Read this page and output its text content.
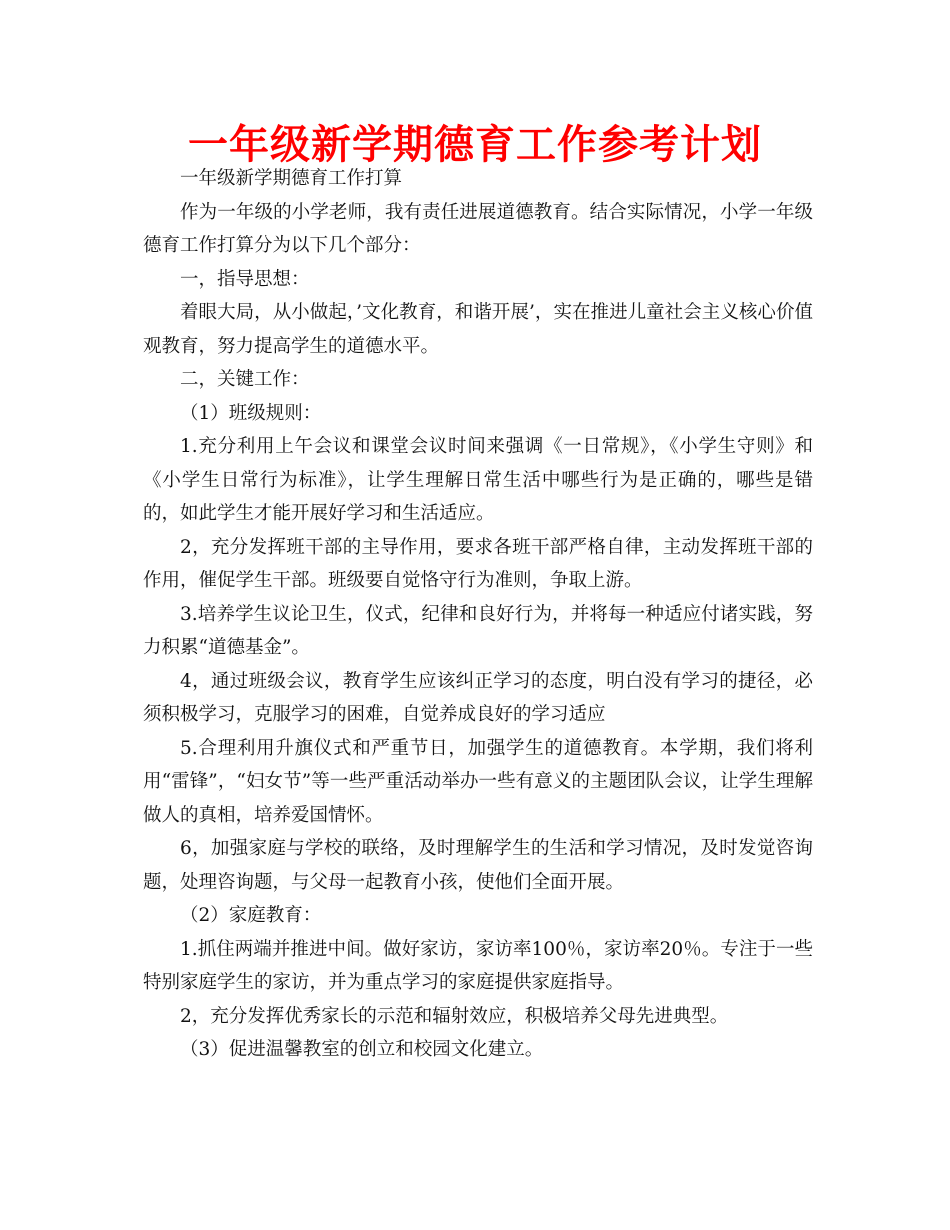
一年级新学期德育工作参考计划

一年级新学期德育工作打算

作为一年级的小学老师，我有责任进展道德教育。结合实际情况，小学一年级德育工作打算分为以下几个部分：

一，指导思想：

着眼大局，从小做起，’文化教育，和谐开展’，实在推进儿童社会主义核心价值观教育，努力提高学生的道德水平。

二，关键工作：

（1）班级规则：

1.充分利用上午会议和课堂会议时间来强调《一日常规》，《小学生守则》和《小学生日常行为标准》，让学生理解日常生活中哪些行为是正确的，哪些是错的，如此学生才能开展好学习和生活适应。

2，充分发挥班干部的主导作用，要求各班干部严格自律，主动发挥班干部的作用，催促学生干部。班级要自觉恪守行为准则，争取上游。

3.培养学生议论卫生，仪式，纪律和良好行为，并将每一种适应付诸实践，努力积累“道德基金”。

4，通过班级会议，教育学生应该纠正学习的态度，明白没有学习的捷径，必须积极学习，克服学习的困难，自觉养成良好的学习适应

5.合理利用升旗仪式和严重节日，加强学生的道德教育。本学期，我们将利用“雷锋”，“妇女节”等一些严重活动举办一些有意义的主题团队会议，让学生理解做人的真相，培养爱国情怀。

6，加强家庭与学校的联络，及时理解学生的生活和学习情况，及时发觉咨询题，处理咨询题，与父母一起教育小孩，使他们全面开展。

（2）家庭教育：

1.抓住两端并推进中间。做好家访，家访率100％，家访率20％。专注于一些特别家庭学生的家访，并为重点学习的家庭提供家庭指导。

2，充分发挥优秀家长的示范和辐射效应，积极培养父母先进典型。

（3）促进温馨教室的创立和校园文化建立。
